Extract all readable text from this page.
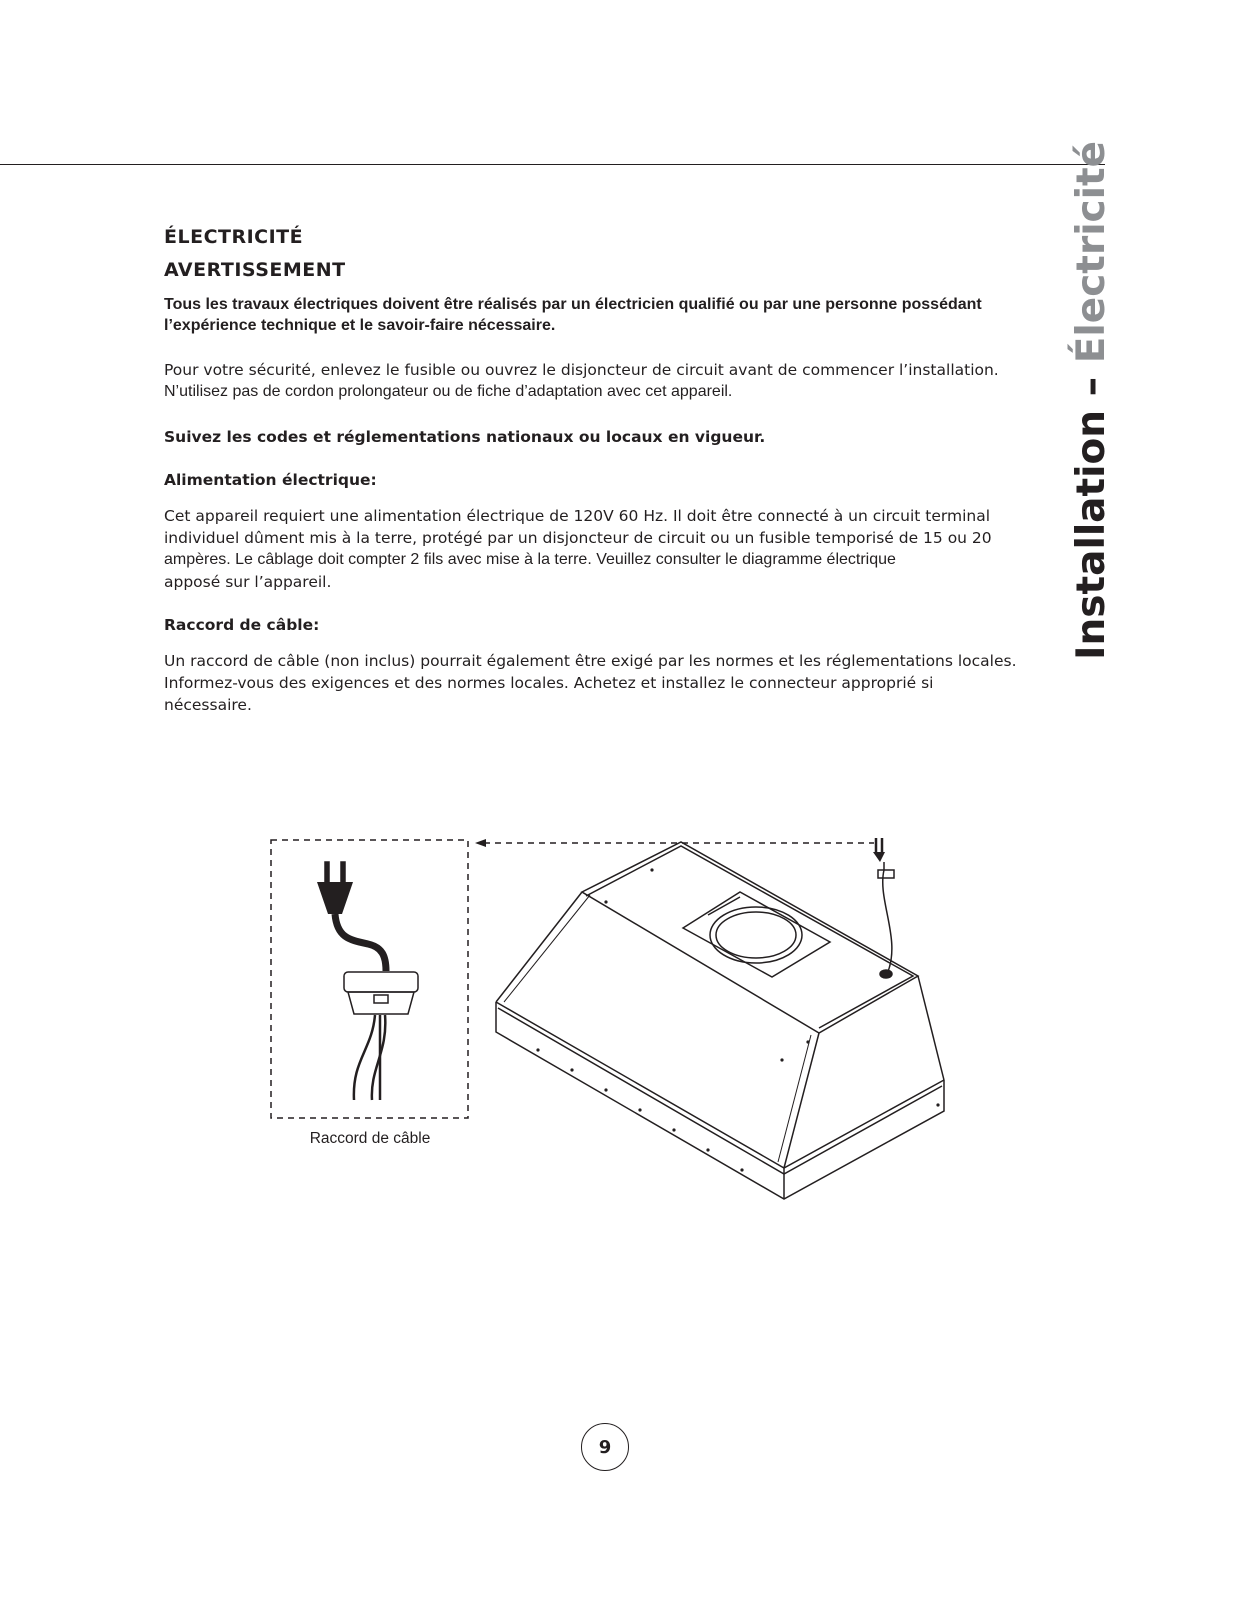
ÉLECTRICITÉ
AVERTISSEMENT

Tous les travaux électriques doivent être réalisés par un électricien qualifié ou par une personne possédant l’expérience technique et le savoir-faire nécessaire.

Pour votre sécurité, enlevez le fusible ou ouvrez le disjoncteur de circuit avant de commencer l’installation.

N’utilisez pas de cordon prolongateur ou de fiche d’adaptation avec cet appareil.

Suivez les codes et réglementations nationaux ou locaux en vigueur.

Alimentation électrique:

Cet appareil requiert une alimentation électrique de 120V 60 Hz. Il doit être connecté à un circuit terminal individuel dûment mis à la terre, protégé par un disjoncteur de circuit ou un fusible temporisé de 15 ou 20

ampères. Le câblage doit compter 2 fils avec mise à la terre. Veuillez consulter le diagramme électrique

apposé sur l’appareil.

Raccord de câble:

Un raccord de câble (non inclus) pourrait également être exigé par les normes et les réglementations locales. Informez-vous des exigences et des normes locales. Achetez et installez le connecteur approprié si nécessaire.

Installation – Électricité
Raccord de câble
9
